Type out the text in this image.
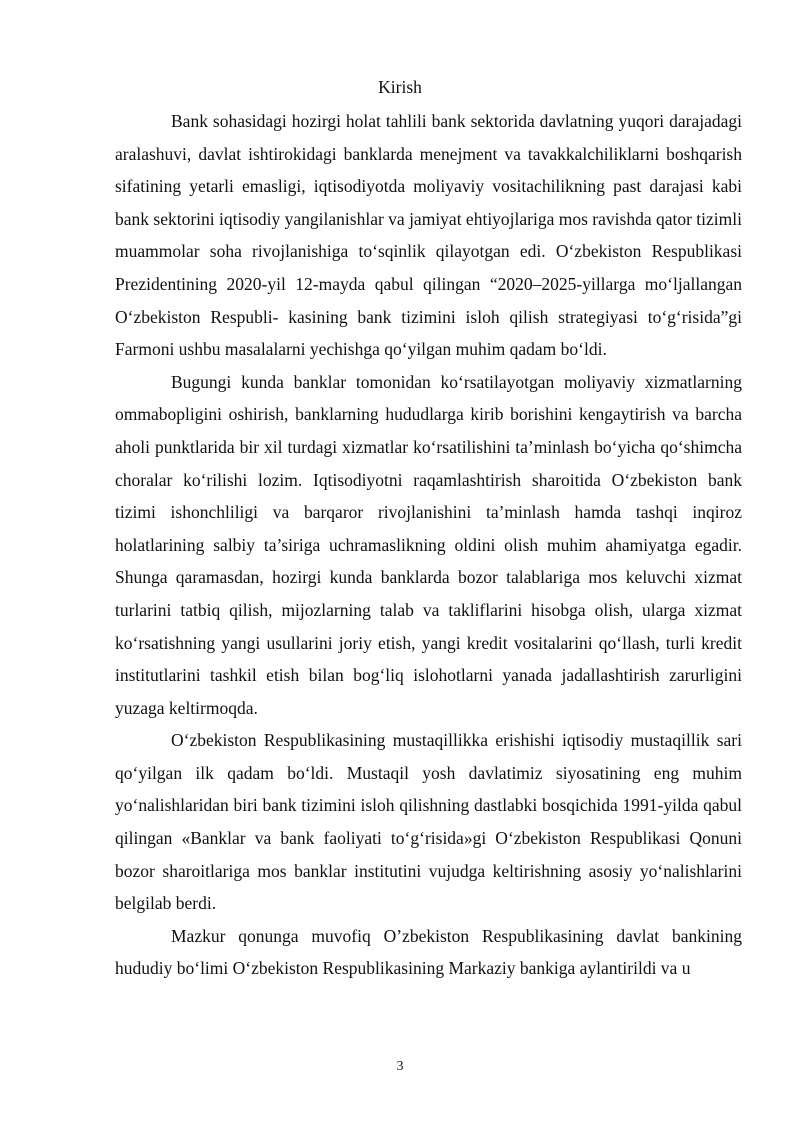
Kirish

Bank sohasidagi hozirgi holat tahlili bank sektorida davlatning yuqori darajadagi aralashuvi, davlat ishtirokidagi banklarda menejment va tavakkalchiliklarni boshqarish sifatining yetarli emasligi, iqtisodiyotda moliyaviy vositachilikning past darajasi kabi bank sektorini iqtisodiy yangilanishlar va jamiyat ehtiyojlariga mos ravishda qator tizimli muammolar soha rivojlanishiga to‘sqinlik qilayotgan edi. O‘zbekiston Respublikasi Prezidentining 2020-yil 12-mayda qabul qilingan “2020–2025-yillarga mo‘ljallangan O‘zbekiston Respubli- kasining bank tizimini isloh qilish strategiyasi to‘g‘risida”gi Farmoni ushbu masalalarni yechishga qo‘yilgan muhim qadam bo‘ldi.

Bugungi kunda banklar tomonidan ko‘rsatilayotgan moliyaviy xizmatlarning ommabopligini oshirish, banklarning hududlarga kirib borishini kengaytirish va barcha aholi punktlarida bir xil turdagi xizmatlar ko‘rsatilishini ta’minlash bo‘yicha qo‘shimcha choralar ko‘rilishi lozim. Iqtisodiyotni raqamlashtirish sharoitida O‘zbekiston bank tizimi ishonchliligi va barqaror rivojlanishini ta’minlash hamda tashqi inqiroz holatlarining salbiy ta’siriga uchramaslikning oldini olish muhim ahamiyatga egadir. Shunga qaramasdan, hozirgi kunda banklarda bozor talablariga mos keluvchi xizmat turlarini tatbiq qilish, mijozlarning talab va takliflarini hisobga olish, ularga xizmat ko‘rsatishning yangi usullarini joriy etish, yangi kredit vositalarini qo‘llash, turli kredit institutlarini tashkil etish bilan bog‘liq islohotlarni yanada jadallashtirish zarurligini yuzaga keltirmoqda.

O‘zbekiston Respublikasining mustaqillikka erishishi iqtisodiy mustaqillik sari qo‘yilgan ilk qadam bo‘ldi. Mustaqil yosh davlatimiz siyosatining eng muhim yo‘nalishlaridan biri bank tizimini isloh qilishning dastlabki bosqichida 1991-yilda qabul qilingan «Banklar va bank faoliyati to‘g‘risida»gi O‘zbekiston Respublikasi Qonuni bozor sharoitlariga mos banklar institutini vujudga keltirishning asosiy yo‘nalishlarini belgilab berdi.

Mazkur qonunga muvofiq O’zbekiston Respublikasining davlat bankining hududiy bo‘limi O‘zbekiston Respublikasining Markaziy bankiga aylantirildi va u

3
